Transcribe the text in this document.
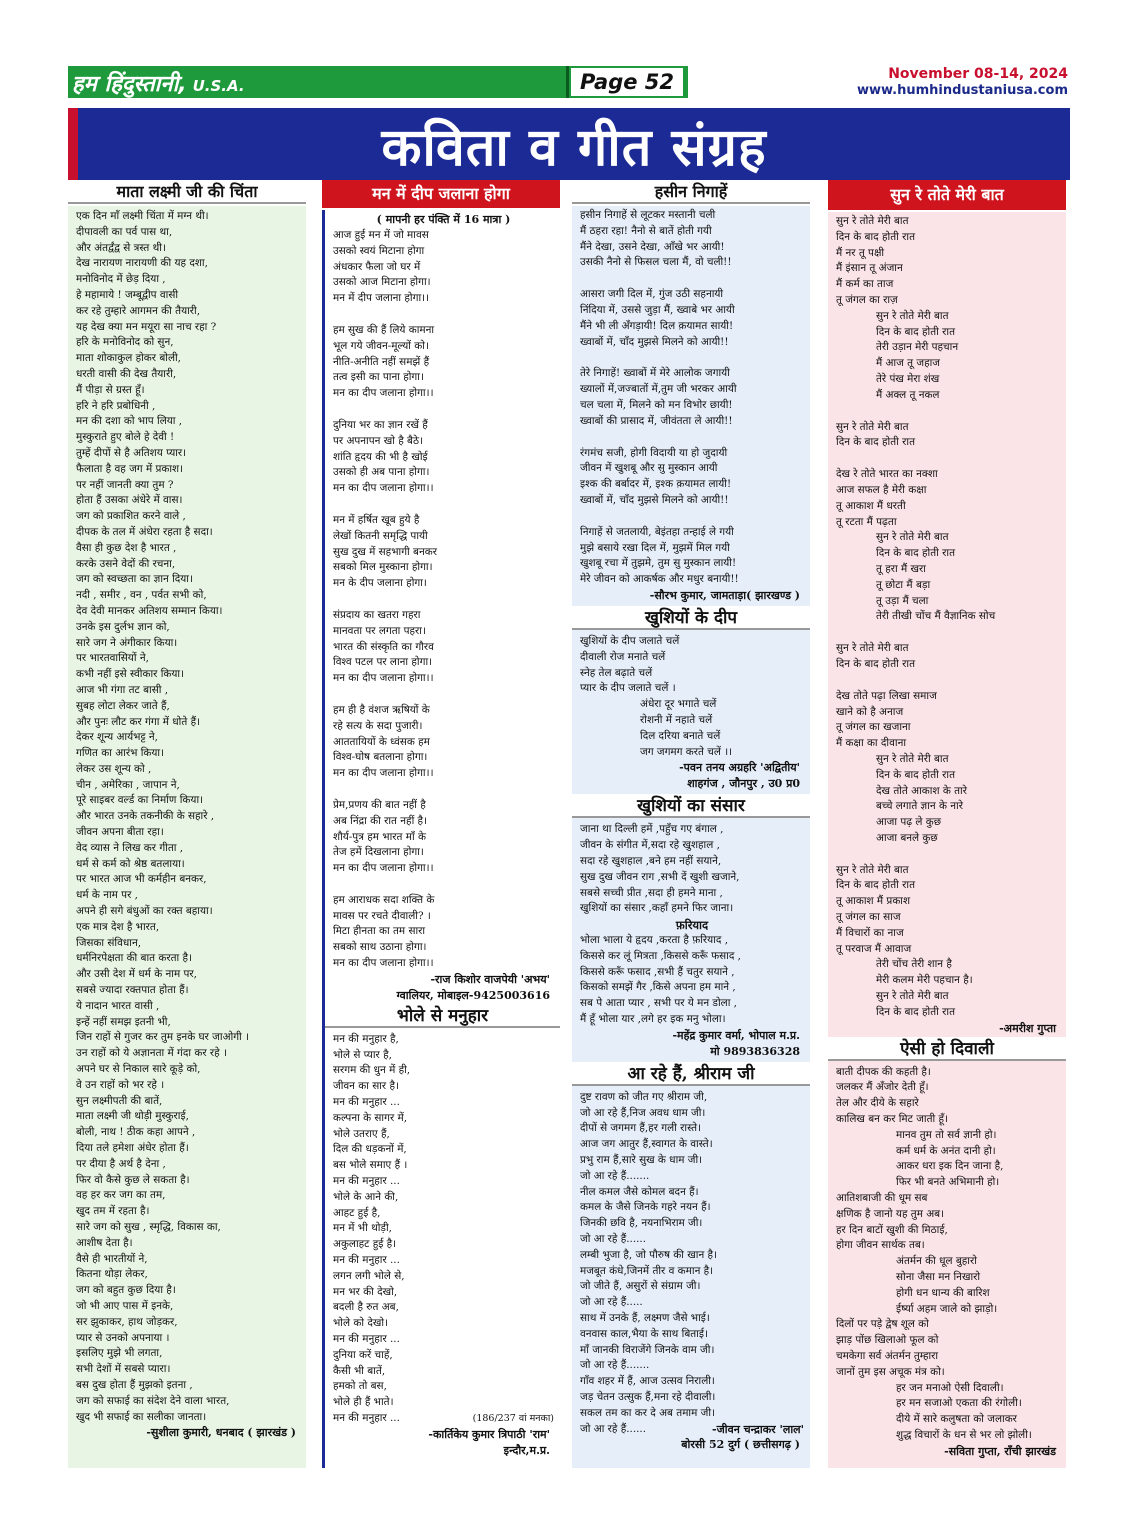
हम हिंदुस्तानी, U.S.A.	Page 52	November 08-14, 2024
www.humhindustaniusa.com
कविता व गीत संग्रह
माता लक्ष्मी जी की चिंता
एक दिन माँ लक्ष्मी चिंता में मग्न थी।
दीपावली का पर्व पास था,
और अंतर्द्वंद्व से त्रस्त थी।
देख नारायण नारायणी की यह दशा,
मनोविनोद में छेड़ दिया ,
हे महामाये ! जम्बूद्वीप वासी
कर रहे तुम्हारे आगमन की तैयारी,
यह देख क्या मन मयूरा सा नाच रहा ?
हरि के मनोविनोद को सुन,
माता शोकाकुल होकर बोली,
धरती वासी की देख तैयारी,
मैं पीड़ा से ग्रस्त हूँ।
हरि ने हरि प्रबोधिनी ,
मन की दशा को भाप लिया ,
मुस्कुराते हुए बोले हे देवी !
तुम्हें दीपों से है अतिशय प्यार।
फैलाता है वह जग में प्रकाश।
पर नहीं जानती क्या तुम ?
होता हैं उसका अंधेरे में वास।
जग को प्रकाशित करने वाले ,
दीपक के तल में अंधेरा रहता है सदा।
वैसा ही कुछ देश है भारत ,
करके उसने वेदों की रचना,
जग को स्वच्छता का ज्ञान दिया।
नदी , समीर , वन , पर्वत सभी को,
देव देवी मानकर अतिशय सम्मान किया।
उनके इस दुर्लभ ज्ञान को,
सारे जग ने अंगीकार किया।
पर भारतवासियों ने,
कभी नहीं इसे स्वीकार किया।
आज भी गंगा तट बासी ,
सुबह लोटा लेकर जाते हैं,
और पुनः लौट कर गंगा में धोते हैं।
देकर शून्य आर्यभट्ट ने,
गणित का आरंभ किया।
लेकर उस शून्य को ,
चीन , अमेरिका , जापान ने,
पूरे साइबर वर्ल्ड का निर्माण किया।
और भारत उनके तकनीकी के सहारे ,
जीवन अपना बीता रहा।
वेद व्यास ने लिख कर गीता ,
धर्म से कर्म को श्रेष्ठ बतलाया।
पर भारत आज भी कर्महीन बनकर,
धर्म के नाम पर ,
अपने ही सगे बंधुओं का रक्त बहाया।
एक मात्र देश है भारत,
जिसका संविधान,
धर्मनिरपेक्षता की बात करता है।
और उसी देश में धर्म के नाम पर,
सबसे ज्यादा रक्तपात होता हैं।
ये नादान भारत वासी ,
इन्हें नहीं समझ इतनी भी,
जिन राहों से गुजर कर तुम इनके घर जाओगी ।
उन राहों को ये अज्ञानता में गंदा कर रहे ।
अपने घर से निकाल सारे कूड़े को,
वे उन राहों को भर रहे ।
सुन लक्ष्मीपती की बातें,
माता लक्ष्मी जी थोड़ी मुस्कुराई,
बोली, नाथ ! ठीक कहा आपने ,
दिया तले हमेशा अंधेर होता हैं।
पर दीया है अर्थ है देना ,
फिर वो कैसे कुछ ले सकता है।
वह हर कर जग का तम,
खुद तम में रहता है।
सारे जग को सुख , स्मृद्धि, विकास का,
आशीष देता है।
वैसे ही भारतीयों ने,
कितना थोड़ा लेकर,
जग को बहुत कुछ दिया है।
जो भी आए पास में इनके,
सर झुकाकर, हाथ जोड़कर,
प्यार से उनको अपनाया ।
इसलिए मुझे भी लगता,
सभी देशों में सबसे प्यारा।
बस दुख होता हैं मुझको इतना ,
जग को सफाई का संदेश देने वाला भारत,
खुद भी सफाई का सलीका जानता।
-सुशीला कुमारी, धनबाद ( झारखंड )
मन में दीप जलाना होगा
( मापनी हर पंक्ति में 16 मात्रा )
आज हुई मन में जो मावस
उसको स्वयं मिटाना होगा
अंधकार फैला जो घर में
उसको आज मिटाना होगा।
मन में दीप जलाना होगा।।
हम सुख की हैं लिये कामना
भूल गये जीवन-मूल्यों को।
नीति-अनीति नहीं समझें हैं
तत्व इसी का पाना होगा।
मन का दीप जलाना होगा।।
दुनिया भर का ज्ञान रखें हैं
पर अपनापन खो है बैठे।
शांति हृदय की भी है खोई
उसको ही अब पाना होगा।
मन का दीप जलाना होगा।।
मन में हर्षित खूब हुये है
लेखों कितनी समृद्धि पायी
सुख दुख में सहभागी बनकर
सबको मिल मुस्काना होगा।
मन के दीप जलाना होगा।
संप्रदाय का खतरा गहरा
मानवता पर लगता पहरा।
भारत की संस्कृति का गौरव
विश्व पटल पर लाना होगा।
मन का दीप जलाना होगा।।
हम ही है वंशज ऋषियों के
रहे सत्य के सदा पुजारी।
आततायियों के ध्वंसक हम
विश्व-घोष बतलाना होगा।
मन का दीप जलाना होगा।।
प्रेम,प्रणय की बात नहीं है
अब निंद्रा की रात नहीं है।
शौर्य-पुत्र हम भारत माँ के
तेज हमें दिखलाना होगा।
मन का दीप जलाना होगा।।
हम आराधक सदा शक्ति के
मावस पर रचते दीवाली? ।
मिटा हीनता का तम सारा
सबको साथ उठाना होगा।
मन का दीप जलाना होगा।।
-राज किशोर वाजपेयी 'अभय'
ग्वालियर, मोबाइल-9425003616
भोले से मनुहार
मन की मनुहार है,
भोले से प्यार है,
सरगम की धुन में ही,
जीवन का सार है।
मन की मनुहार ...
कल्पना के सागर में,
भोले उतराए हैं,
दिल की धड़कनों में,
बस भोले समाए हैं ।
मन की मनुहार ...
भोले के आने की,
आहट हुई है,
मन में भी थोड़ी,
अकुलाहट हुई है।
मन की मनुहार ...
लगन लगी भोले से,
मन भर की देखो,
बदली है रुत अब,
भोले को देखो।
मन की मनुहार ...
दुनिया करें चाहें,
कैसी भी बातें,
हमको तो बस,
भोले ही हैं भाते।
मन की मनुहार ...	(186/237 वां मनका)
-कार्तिकेय कुमार त्रिपाठी 'राम'
इन्दौर,म.प्र.
हसीन निगाहें
हसीन निगाहें से लूटकर मस्तानी चली
मैं ठहरा रहा! नैनो से बातें होती गयी
मैंने देखा, उसने देखा, आँखे भर आयी!
उसकी नैनो से फिसल चला मैं, वो चली!!
आसरा जगी दिल में, गुंज उठी सहनायी
निंदिया में, उससे जुड़ा मैं, ख्वाबे भर आयी
मैंने भी ली अँगड़ायी! दिल क़यामत सायी!
ख्वाबों में, चाँद मुझसे मिलने को आयी!!
तेरे निगाहें! ख्वाबों में मेरे आलोक जगायी
ख्यालों में,जज्बातों में,तुम जी भरकर आयी
चल चला में, मिलने को मन विभोर छायी!
ख्वाबों की प्रासाद में, जीवंतता ले आयी!!
रंगमंच सजी, होगी विदायी या हो जुदायी
जीवन में खुशबू और सु मुस्कान आयी
इश्क की बर्बादर में, इश्क क़यामत लायी!
ख्वाबों में, चाँद मुझसे मिलने को आयी!!
निगाहें से जतलायी, बेइंतहा तन्हाई ले गयी
मुझे बसाये रखा दिल में, मुझमें मिल गयी
खुशबू रचा में तुझमे, तुम सु मुस्कान लायी!
मेरे जीवन को आकर्षक और मधुर बनायी!!
-सौरभ कुमार, जामताड़ा( झारखण्ड )
खुशियों के दीप
खुशियों के दीप जलाते चलें
दीवाली रोज मनाते चलें
स्नेह तेल बढ़ाते चलें
प्यार के दीप जलाते चलें ।
अंधेरा दूर भगाते चलें
रोशनी में नहाते चलें
दिल दरिया बनाते चलें
जग जगमग करते चलें ।।
-पवन तनय अग्रहरि 'अद्वितीय'
शाहगंज , जौनपुर , उ0 प्र0
खुशियों का संसार
जाना था दिल्ली हमें ,पहुँच गए बंगाल ,
जीवन के संगीत में,सदा रहे खुशहाल ,
सदा रहे खुशहाल ,बने हम नहीं सयाने,
सुख दुख जीवन राग ,सभी दें खुशी खजाने,
सबसे सच्ची प्रीत ,सदा ही हमने माना ,
खुशियों का संसार ,कहाँ हमने फिर जाना।
फ़रियाद
भोला भाला ये हृदय ,करता है फ़रियाद ,
किससे कर लूं मित्रता ,किससे करूँ फसाद ,
किससे करूँ फसाद ,सभी हैं चतुर सयाने ,
किसको समझें गैर ,किसे अपना हम माने ,
सब पे आता प्यार , सभी पर ये मन डोला ,
मैं हूँ भोला यार ,लगे हर इक मनु भोला।
-महेंद्र कुमार वर्मा, भोपाल म.प्र.
मो 9893836328
आ रहे हैं, श्रीराम जी
दुष्ट रावण को जीत गए श्रीराम जी,
जो आ रहे हैं,निज अवध धाम जी।
दीपों से जगमग हैं,हर गली रास्ते।
आज जग आतुर हैं,स्वागत के वास्ते।
प्रभु राम हैं,सारे सुख के धाम जी।
जो आ रहे हैं.......
नील कमल जैसे कोमल बदन हैं।
कमल के जैसे जिनके गहरे नयन हैं।
जिनकी छवि है, नयनाभिराम जी।
जो आ रहे हैं......
लम्बी भुजा है, जो पौरुष की खान है।
मजबूत कंधे,जिनमें तीर व कमान है।
जो जीते हैं, असुरों से संग्राम जी।
जो आ रहे हैं.....
साथ में उनके हैं, लक्ष्मण जैसे भाई।
वनवास काल,भैया के साथ बिताई।
माँ जानकी विराजेंगे जिनके वाम जी।
जो आ रहे हैं.......
गाँव शहर में हैं, आज उत्सव निराली।
जड़ चेतन उत्सुक हैं,मना रहे दीवाली।
सकल तम का कर दे अब तमाम जी।
जो आ रहे हैं......	-जीवन चन्द्राकर 'लाल'
बोरसी 52 दुर्ग ( छत्तीसगढ़ )
सुन रे तोते मेरी बात
सुन रे तोते मेरी बात
दिन के बाद होती रात
मैं नर तू पक्षी
मैं इंसान तू अंजान
मैं कर्म का ताज
तू जंगल का राज़
सुन रे तोते मेरी बात
दिन के बाद होती रात
तेरी उड़ान मेरी पहचान
मैं आज तू जहाज
तेरे पंख मेरा शंख
मैं अक्ल तू नकल
सुन रे तोते मेरी बात
दिन के बाद होती रात
देख रे तोते भारत का नक्शा
आज सफल है मेरी कक्षा
तू आकाश मैं धरती
तू रटता मैं पढ़ता
सुन रे तोते मेरी बात
दिन के बाद होती रात
तू हरा मैं खरा
तू छोटा मैं बड़ा
तू उड़ा मैं चला
तेरी तीखी चोंच मैं वैज्ञानिक सोच
सुन रे तोते मेरी बात
दिन के बाद होती रात
देख तोते पढ़ा लिखा समाज
खाने को है अनाज
तू जंगल का खजाना
मैं कक्षा का दीवाना
सुन रे तोते मेरी बात
दिन के बाद होती रात
देख तोते आकाश के तारे
बच्चे लगाते ज्ञान के नारे
आजा पढ़ ले कुछ
आजा बनले कुछ
सुन रे तोते मेरी बात
दिन के बाद होती रात
तू आकाश मैं प्रकाश
तू जंगल का साज
मैं विचारों का नाज
तू परवाज मैं आवाज
तेरी चोंच तेरी शान है
मेरी कलम मेरी पहचान है।
सुन रे तोते मेरी बात
दिन के बाद होती रात
-अमरीश गुप्ता
ऐसी हो दिवाली
बाती दीपक की कहती है।
जलकर मैं अँजोर देती हूँ।
तेल और दीये के सहारे
कालिख बन कर मिट जाती हूँ।
मानव तुम तो सर्व ज्ञानी हो।
कर्म धर्म के अनंत दानी हो।
आकर धरा इक दिन जाना है,
फिर भी बनते अभिमानी हो।
आतिशबाजी की धूम सब
क्षणिक है जानो यह तुम अब।
हर दिन बाटों खुशी की मिठाई,
होगा जीवन सार्थक तब।
अंतर्मन की धूल बुहारो
सोना जैसा मन निखारो
होगी धन धान्य की बारिश
ईर्ष्या अहम जाले को झाड़ो।
दिलों पर पड़े द्वेष शूल को
झाड़ पोंछ खिलाओ फूल को
चमकेगा सर्व अंतर्मन तुम्हारा
जानों तुम इस अचूक मंत्र को।
हर जन मनाओ ऐसी दिवाली।
हर मन सजाओ एकता की रंगोली।
दीये में सारे कलुषता को जलाकर
शुद्ध विचारों के धन से भर लो झोली।
-सविता गुप्ता, राँची झारखंड
